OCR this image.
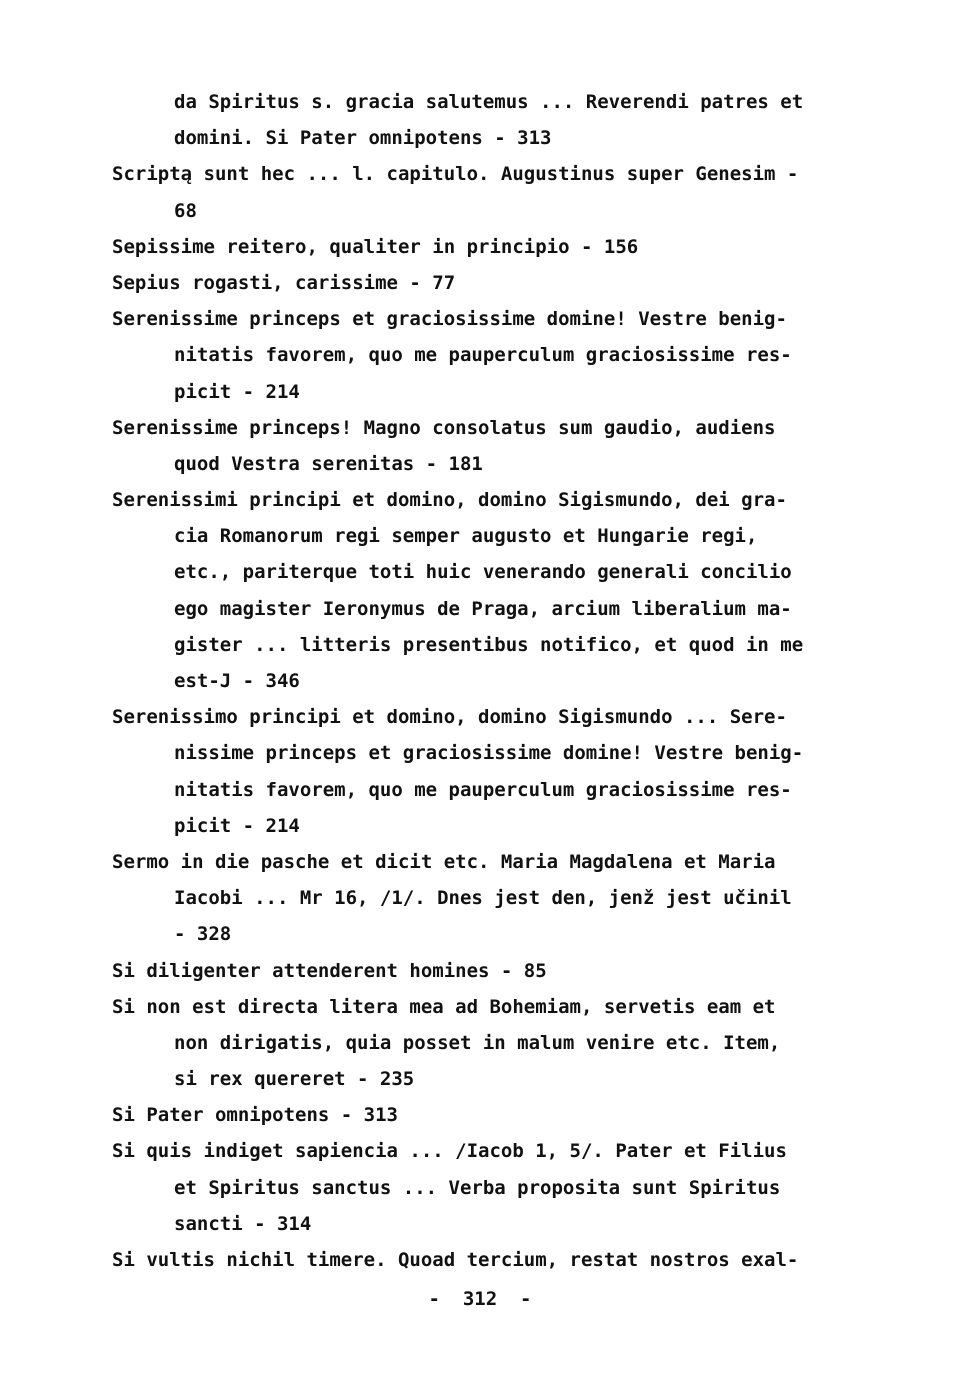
da Spiritus s. gracia salutemus ... Reverendi patres et
domini. Si Pater omnipotens - 313
Scriptą sunt hec ... l. capitulo. Augustinus super Genesim -
68
Sepissime reitero, qualiter in principio - 156
Sepius rogasti, carissime - 77
Serenissime princeps et graciosissime domine! Vestre benig-
nitatis favorem, quo me pauperculum graciosissime res-
picit - 214
Serenissime princeps! Magno consolatus sum gaudio, audiens
quod Vestra serenitas - 181
Serenissimi principi et domino, domino Sigismundo, dei gra-
cia Romanorum regi semper augusto et Hungarie regi,
etc., pariterque toti huic venerando generali concilio
ego magister Ieronymus de Praga, arcium liberalium ma-
gister ... litteris presentibus notifico, et quod in me
est-J - 346
Serenissimo principi et domino, domino Sigismundo ... Sere-
nissime princeps et graciosissime domine! Vestre benig-
nitatis favorem, quo me pauperculum graciosissime res-
picit - 214
Sermo in die pasche et dicit etc. Maria Magdalena et Maria
Iacobi ... Mr 16, /1/. Dnes jest den, jenž jest učinil
- 328
Si diligenter attenderent homines - 85
Si non est directa litera mea ad Bohemiam, servetis eam et
non dirigatis, quia posset in malum venire etc. Item,
si rex quereret - 235
Si Pater omnipotens - 313
Si quis indiget sapiencia ... /Iacob 1, 5/. Pater et Filius
et Spiritus sanctus ... Verba proposita sunt Spiritus
sancti - 314
Si vultis nichil timere. Quoad tercium, restat nostros exal-
-  312  -
